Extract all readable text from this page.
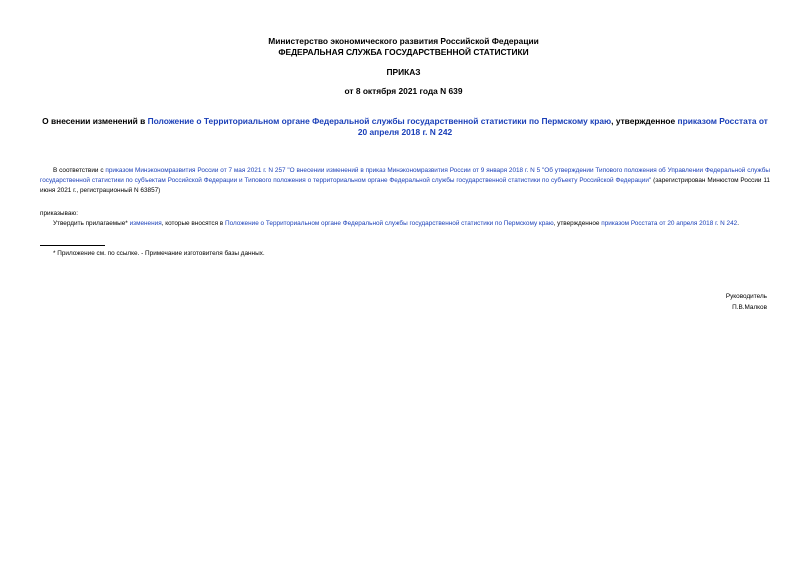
Министерство экономического развития Российской Федерации
ФЕДЕРАЛЬНАЯ СЛУЖБА ГОСУДАРСТВЕННОЙ СТАТИСТИКИ
ПРИКАЗ
от 8 октября 2021 года N 639
О внесении изменений в Положение о Территориальном органе Федеральной службы государственной статистики по Пермскому краю, утвержденное приказом Росстата от 20 апреля 2018 г. N 242
В соответствии с приказом Минэкономразвития России от 7 мая 2021 г. N 257 "О внесении изменений в приказ Минэкономразвития России от 9 января 2018 г. N 5 "Об утверждении Типового положения об Управлении Федеральной службы государственной статистики по субъектам Российской Федерации и Типового положения о территориальном органе Федеральной службы государственной статистики по субъекту Российской Федерации" (зарегистрирован Минюстом России 11 июня 2021 г., регистрационный N 63857)
приказываю:
Утвердить прилагаемые* изменения, которые вносятся в Положение о Территориальном органе Федеральной службы государственной статистики по Пермскому краю, утвержденное приказом Росстата от 20 апреля 2018 г. N 242.
* Приложение см. по ссылке. - Примечание изготовителя базы данных.
Руководитель
П.В.Малков
